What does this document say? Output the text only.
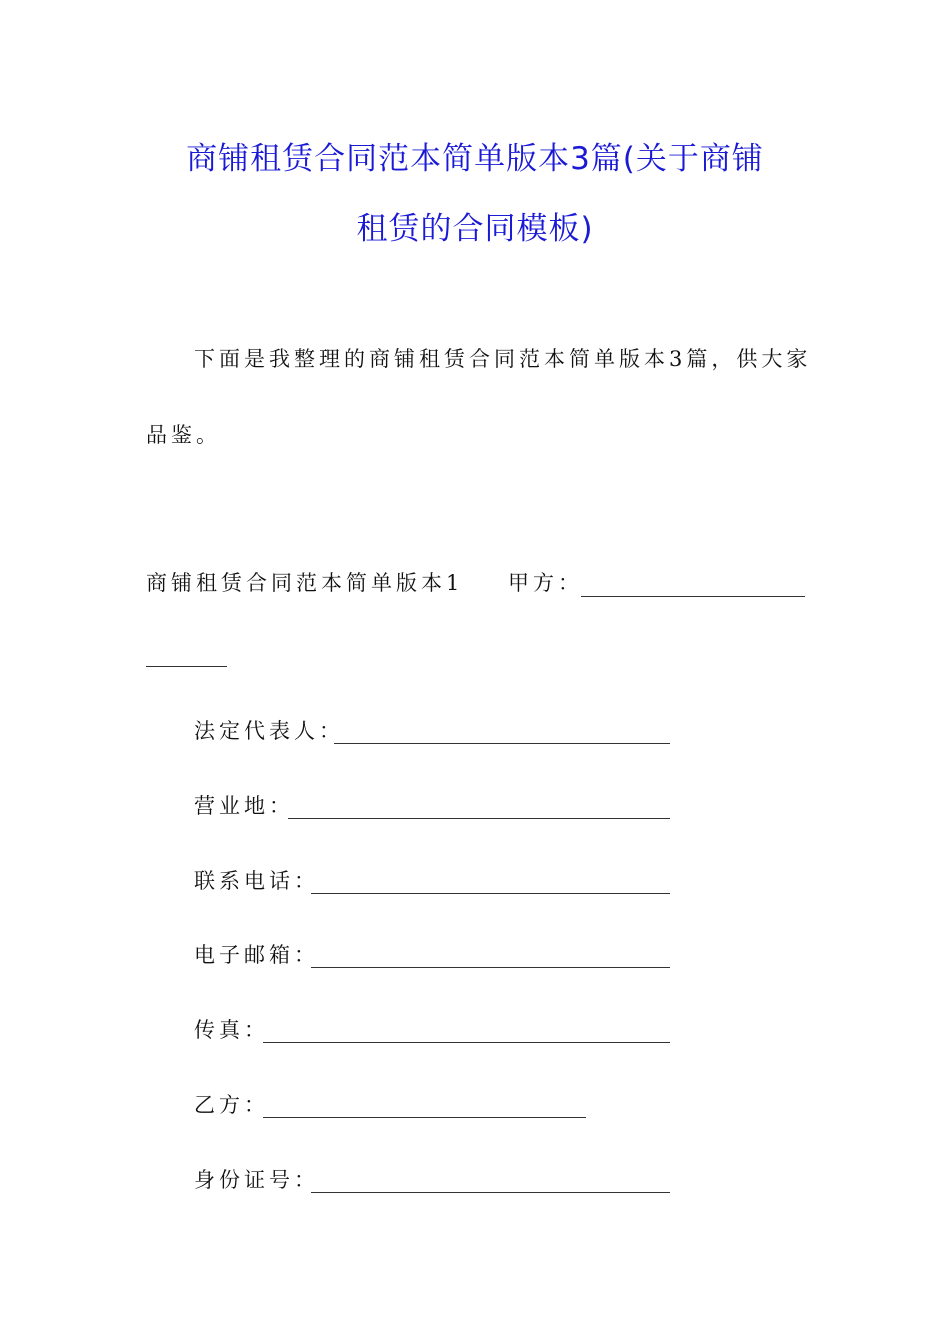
商铺租赁合同范本简单版本3篇(关于商铺
租赁的合同模板)
下面是我整理的商铺租赁合同范本简单版本3篇，供大家
品鉴。
商铺租赁合同范本简单版本1 甲方：
法定代表人：
营业地：
联系电话：
电子邮箱：
传真：
乙方：
身份证号：
